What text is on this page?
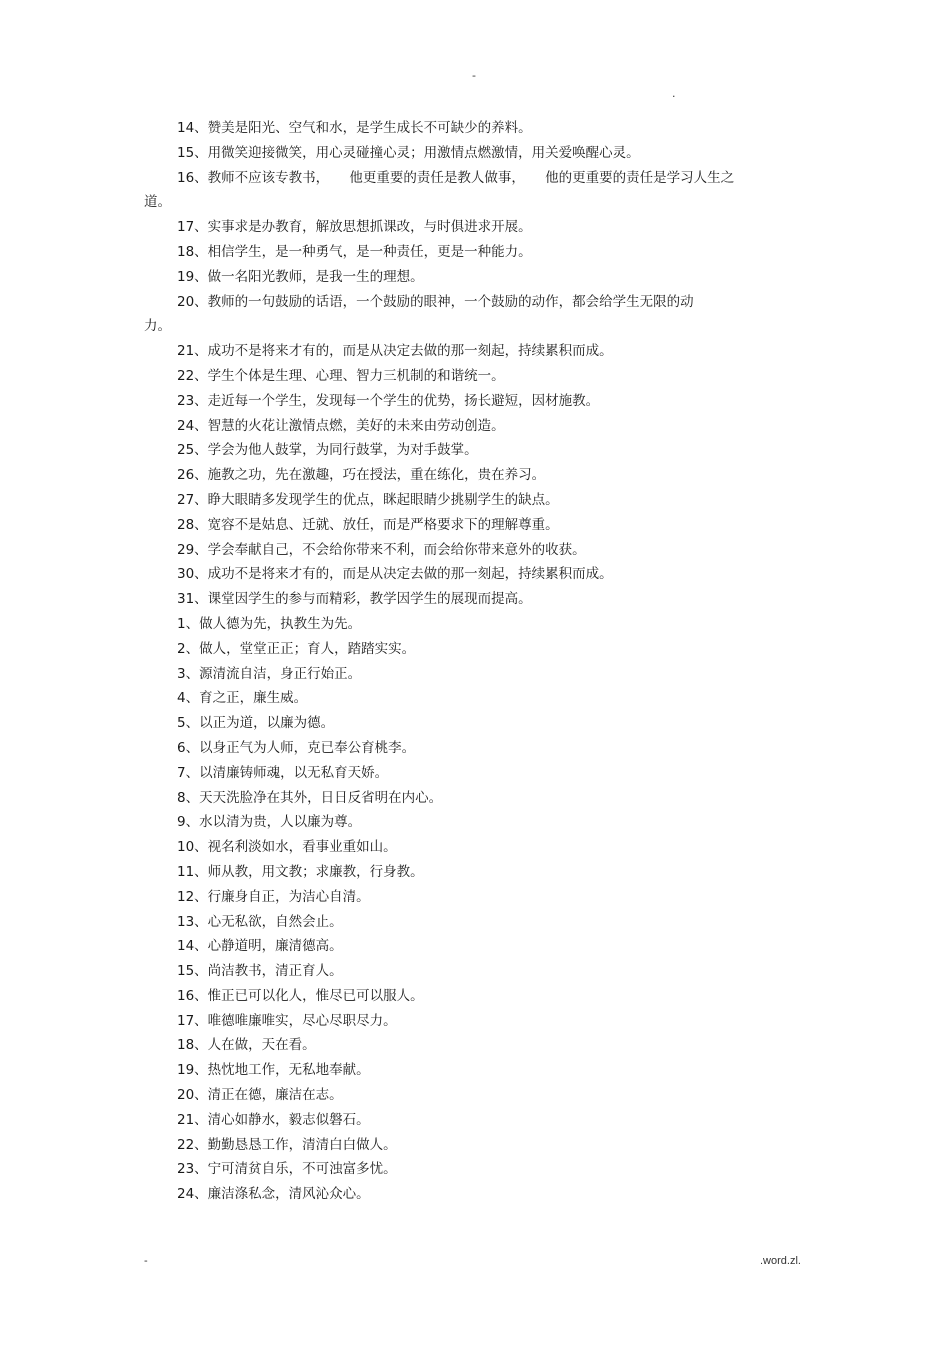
-
.
14、赞美是阳光、空气和水，是学生成长不可缺少的养料。
15、用微笑迎接微笑，用心灵碰撞心灵；用激情点燃激情，用关爱唤醒心灵。
16、教师不应该专教书，　　他更重要的责任是教人做事，　　他的更重要的责任是学习人生之
道。
17、实事求是办教育，解放思想抓课改，与时俱进求开展。
18、相信学生，是一种勇气，是一种责任，更是一种能力。
19、做一名阳光教师，是我一生的理想。
20、教师的一句鼓励的话语，一个鼓励的眼神，一个鼓励的动作，都会给学生无限的动
力。
21、成功不是将来才有的，而是从决定去做的那一刻起，持续累积而成。
22、学生个体是生理、心理、智力三机制的和谐统一。
23、走近每一个学生，发现每一个学生的优势，扬长避短，因材施教。
24、智慧的火花让激情点燃，美好的未来由劳动创造。
25、学会为他人鼓掌，为同行鼓掌，为对手鼓掌。
26、施教之功，先在激趣，巧在授法，重在练化，贵在养习。
27、睁大眼睛多发现学生的优点，眯起眼睛少挑剔学生的缺点。
28、宽容不是姑息、迁就、放任，而是严格要求下的理解尊重。
29、学会奉献自己，不会给你带来不利，而会给你带来意外的收获。
30、成功不是将来才有的，而是从决定去做的那一刻起，持续累积而成。
31、课堂因学生的参与而精彩，教学因学生的展现而提高。
1、做人德为先，执教生为先。
2、做人，堂堂正正；育人，踏踏实实。
3、源清流自洁，身正行始正。
4、育之正，廉生威。
5、以正为道，以廉为德。
6、以身正气为人师，克已奉公育桃李。
7、以清廉铸师魂，以无私育天娇。
8、天天洗脸净在其外，日日反省明在内心。
9、水以清为贵，人以廉为尊。
10、视名利淡如水，看事业重如山。
11、师从教，用文教；求廉教，行身教。
12、行廉身自正，为洁心自清。
13、心无私欲，自然会止。
14、心静道明，廉清德高。
15、尚洁教书，清正育人。
16、惟正已可以化人，惟尽已可以服人。
17、唯德唯廉唯实，尽心尽职尽力。
18、人在做，天在看。
19、热忱地工作，无私地奉献。
20、清正在德，廉洁在志。
21、清心如静水，毅志似磐石。
22、勤勤恳恳工作，清清白白做人。
23、宁可清贫自乐，不可浊富多忧。
24、廉洁涤私念，清风沁众心。
-	.word.zl.
